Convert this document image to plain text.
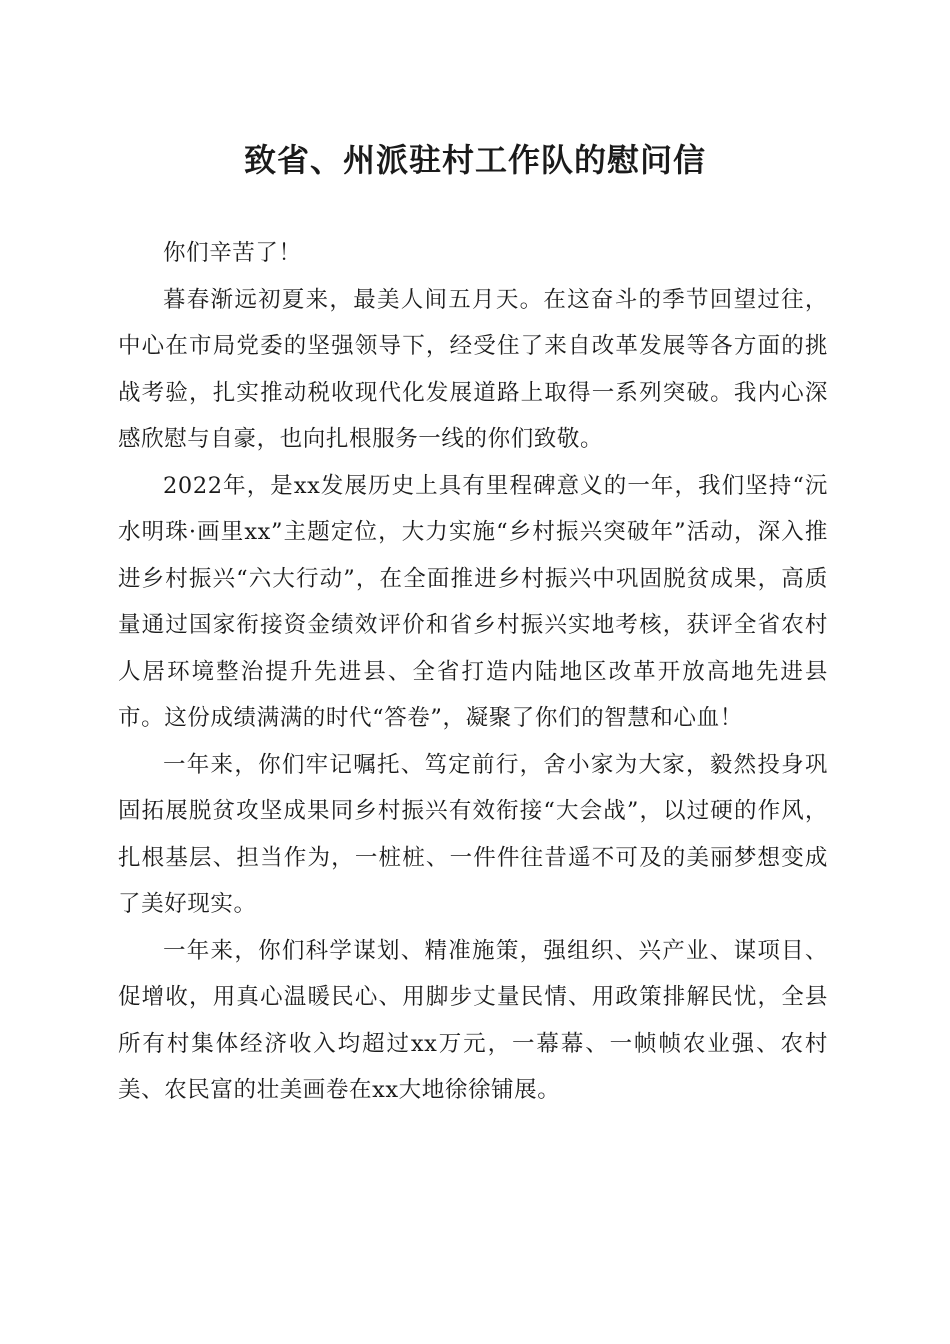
致省、州派驻村工作队的慰问信

你们辛苦了！

暮春渐远初夏来，最美人间五月天。在这奋斗的季节回望过往，中心在市局党委的坚强领导下，经受住了来自改革发展等各方面的挑战考验，扎实推动税收现代化发展道路上取得一系列突破。我内心深感欣慰与自豪，也向扎根服务一线的你们致敬。

2022年，是xx发展历史上具有里程碑意义的一年，我们坚持“沅水明珠·画里xx”主题定位，大力实施“乡村振兴突破年”活动，深入推进乡村振兴“六大行动”，在全面推进乡村振兴中巩固脱贫成果，高质量通过国家衔接资金绩效评价和省乡村振兴实地考核，获评全省农村人居环境整治提升先进县、全省打造内陆地区改革开放高地先进县市。这份成绩满满的时代“答卷”，凝聚了你们的智慧和心血！

一年来，你们牢记嘱托、笃定前行，舍小家为大家，毅然投身巩固拓展脱贫攻坚成果同乡村振兴有效衔接“大会战”，以过硬的作风，扎根基层、担当作为，一桩桩、一件件往昔遥不可及的美丽梦想变成了美好现实。

一年来，你们科学谋划、精准施策，强组织、兴产业、谋项目、促增收，用真心温暖民心、用脚步丈量民情、用政策排解民忧，全县所有村集体经济收入均超过xx万元，一幕幕、一帧帧农业强、农村美、农民富的壮美画卷在xx大地徐徐铺展。
